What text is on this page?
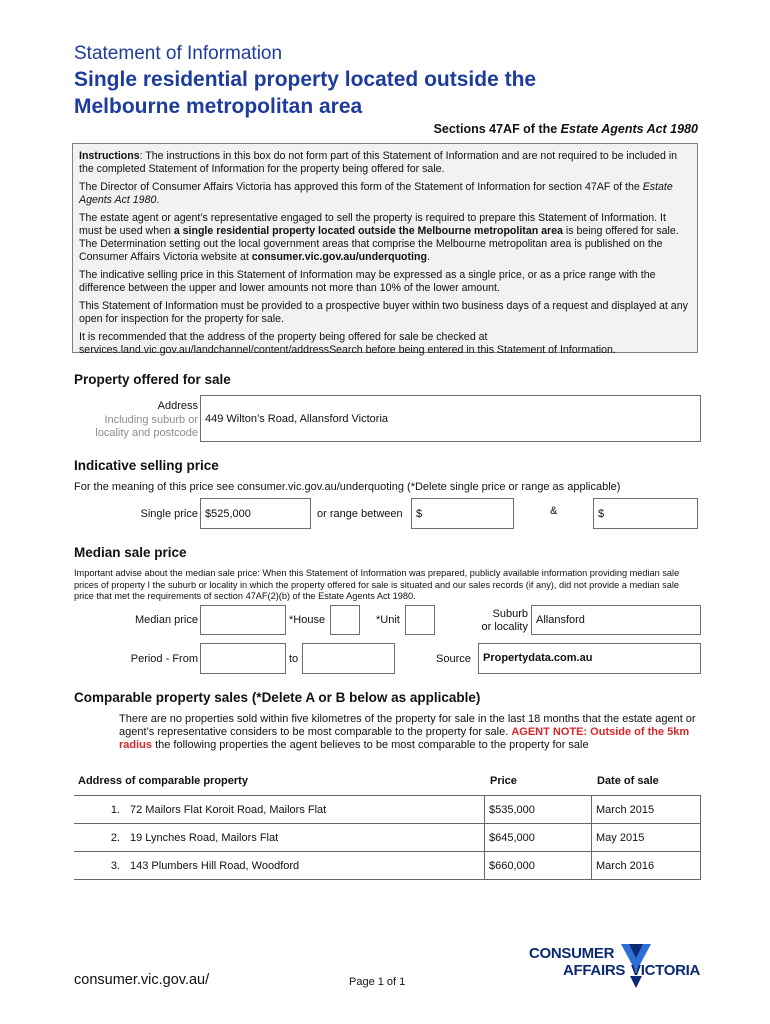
Statement of Information
Single residential property located outside the
Melbourne metropolitan area
Sections 47AF of the Estate Agents Act 1980

Instructions: The instructions in this box do not form part of this Statement of Information and are not required to be included in the completed Statement of Information for the property being offered for sale.

The Director of Consumer Affairs Victoria has approved this form of the Statement of Information for section 47AF of the Estate Agents Act 1980.

The estate agent or agent’s representative engaged to sell the property is required to prepare this Statement of Information. It must be used when a single residential property located outside the Melbourne metropolitan area is being offered for sale. The Determination setting out the local government areas that comprise the Melbourne metropolitan area is published on the Consumer Affairs Victoria website at consumer.vic.gov.au/underquoting.

The indicative selling price in this Statement of Information may be expressed as a single price, or as a price range with the difference between the upper and lower amounts not more than 10% of the lower amount.

This Statement of Information must be provided to a prospective buyer within two business days of a request and displayed at any open for inspection for the property for sale.

It is recommended that the address of the property being offered for sale be checked at services.land.vic.gov.au/landchannel/content/addressSearch before being entered in this Statement of Information.

Property offered for sale
Address
Including suburb or
locality and postcode
449 Wilton’s Road, Allansford Victoria
Indicative selling price
For the meaning of this price see consumer.vic.gov.au/underquoting (*Delete single price or range as applicable)
Single price $525,000	or range between	$	&	$
Median sale price
Important advise about the median sale price: When this Statement of Information was prepared, publicly available information providing median sale prices of property I the suburb or locality in which the property offered for sale is situated and our sales records (if any), did not provide a median sale price that met the requirements of section 47AF(2)(b) of the Estate Agents Act 1980.
Median price	*House	*Unit	Suburb
or locality
Allansford
Period - From	to	Source	Propertydata.com.au
Comparable property sales (*Delete A or B below as applicable)
There are no properties sold within five kilometres of the property for sale in the last 18 months that the estate agent or agent’s representative considers to be most comparable to the property for sale. AGENT NOTE: Outside of the 5km radius the following properties the agent believes to be most comparable to the property for sale
Address of comparable property	Price	Date of sale
1.	72 Mailors Flat Koroit Road, Mailors Flat	$535,000	March 2015
2.	19 Lynches Road, Mailors Flat	$645,000	May 2015
3.	143 Plumbers Hill Road, Woodford	$660,000	March 2016
consumer.vic.gov.au/	Page 1 of 1
CONSUMER
AFFAIRS VICTORIA
